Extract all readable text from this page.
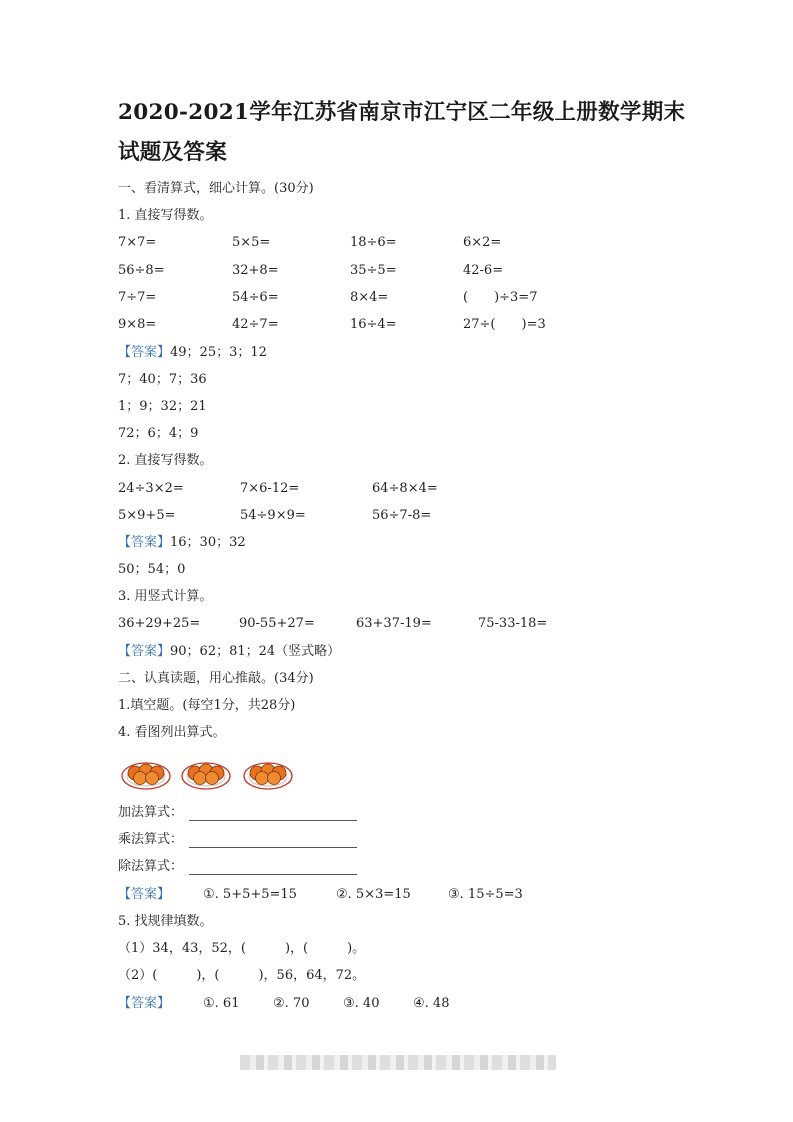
2020-2021学年江苏省南京市江宁区二年级上册数学期末试题及答案
一、看清算式，细心计算。(30分)
1. 直接写得数。
7×7=	5×5=	18÷6=	6×2=
56÷8=	32+8=	35÷5=	42-6=
7÷7=	54÷6=	8×4=	(　　)÷3=7
9×8=	42÷7=	16÷4=	27÷(　　)=3
【答案】49；25；3；12
7；40；7；36
1；9；32；21
72；6；4；9
2. 直接写得数。
24÷3×2=	7×6-12=	64÷8×4=
5×9+5=	54÷9×9=	56÷7-8=
【答案】16；30；32
50；54；0
3. 用竖式计算。
36+29+25=	90-55+27=	63+37-19=	75-33-18=
【答案】90；62；81；24（竖式略）
二、认真读题，用心推敲。(34分)
1.填空题。(每空1分，共28分)
4. 看图列出算式。
加法算式：
乘法算式：
除法算式：
【答案】	①. 5+5+5=15	②. 5×3=15	③. 15÷5=3
5. 找规律填数。
（1）34，43，52，(　　　)，(　　　)。
（2）(　　　)，(　　　)，56，64，72。
【答案】	①. 61	②. 70	③. 40	④. 48
